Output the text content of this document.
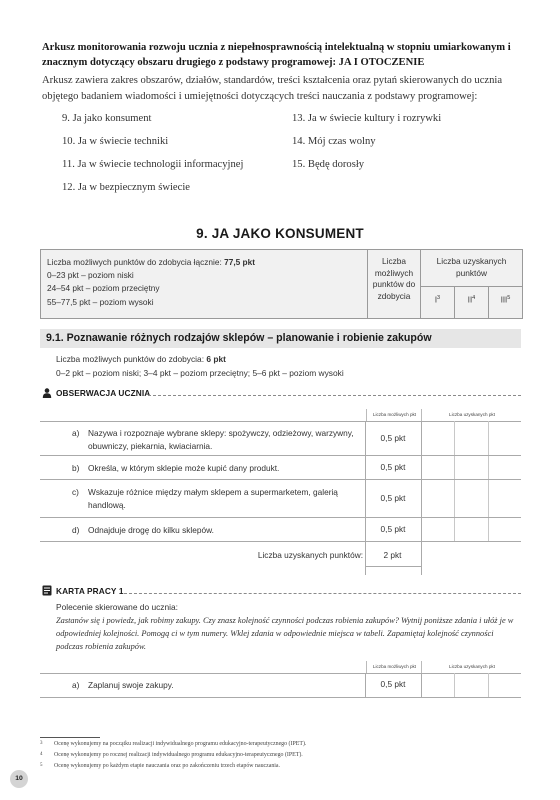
Arkusz monitorowania rozwoju ucznia z niepełnosprawnością intelektualną w stopniu umiarkowanym i znacznym dotyczący obszaru drugiego z podstawy programowej: JA I OTOCZENIE
Arkusz zawiera zakres obszarów, działów, standardów, treści kształcenia oraz pytań skierowanych do ucznia objętego badaniem wiadomości i umiejętności dotyczących treści nauczania z podstawy programowej:
9. Ja jako konsument
10. Ja w świecie techniki
11. Ja w świecie technologii informacyjnej
12. Ja w bezpiecznym świecie
13. Ja w świecie kultury i rozrywki
14. Mój czas wolny
15. Będę dorosły
9. JA JAKO KONSUMENT
Liczba możliwych punktów do zdobycia łącznie: 77,5 pkt
0–23 pkt – poziom niski
24–54 pkt – poziom przeciętny
55–77,5 pkt – poziom wysoki
Liczba możliwych punktów do zdobycia
Liczba uzyskanych punktów
$I^3$	$II^4$	III$^5$
9.1. Poznawanie różnych rodzajów sklepów – planowanie i robienie zakupów
Liczba możliwych punktów do zdobycia: 6 pkt
0–2 pkt – poziom niski; 3–4 pkt – poziom przeciętny; 5–6 pkt – poziom wysoki
OBSERWACJA UCZNIA
Liczba możliwych pkt	Liczba uzyskanych pkt
a) Nazywa i rozpoznaje wybrane sklepy: spożywczy, odzieżowy, warzywny, obuwniczy, piekarnia, kwiaciarnia.
0,5 pkt
b) Określa, w którym sklepie może kupić dany produkt.	0,5 pkt
c) Wskazuje różnice między małym sklepem a supermarketem, galerią handlową.
0,5 pkt
d) Odnajduje drogę do kilku sklepów.	0,5 pkt
Liczba uzyskanych punktów:	2 pkt
KARTA PRACY 1
Polecenie skierowane do ucznia:
Zastanów się i powiedz, jak robimy zakupy. Czy znasz kolejność czynności podczas robienia zakupów? Wytnij poniższe zdania i ułóż je w odpowiedniej kolejności. Pomogą ci w tym numery. Wklej zdania w odpowiednie miejsca w tabeli. Zapamiętaj kolejność czynności podczas robienia zakupów.
Liczba możliwych pkt	Liczba uzyskanych pkt
a) Zaplanuj swoje zakupy.	0,5 pkt
3 Ocenę wykonujemy na początku realizacji indywidualnego programu edukacyjno-terapeutycznego (IPET).
4 Ocenę wykonujemy po rocznej realizacji indywidualnego programu edukacyjno-terapeutycznego (IPET).
5 Ocenę wykonujemy po każdym etapie nauczania oraz po zakończeniu trzech etapów nauczania.
10
